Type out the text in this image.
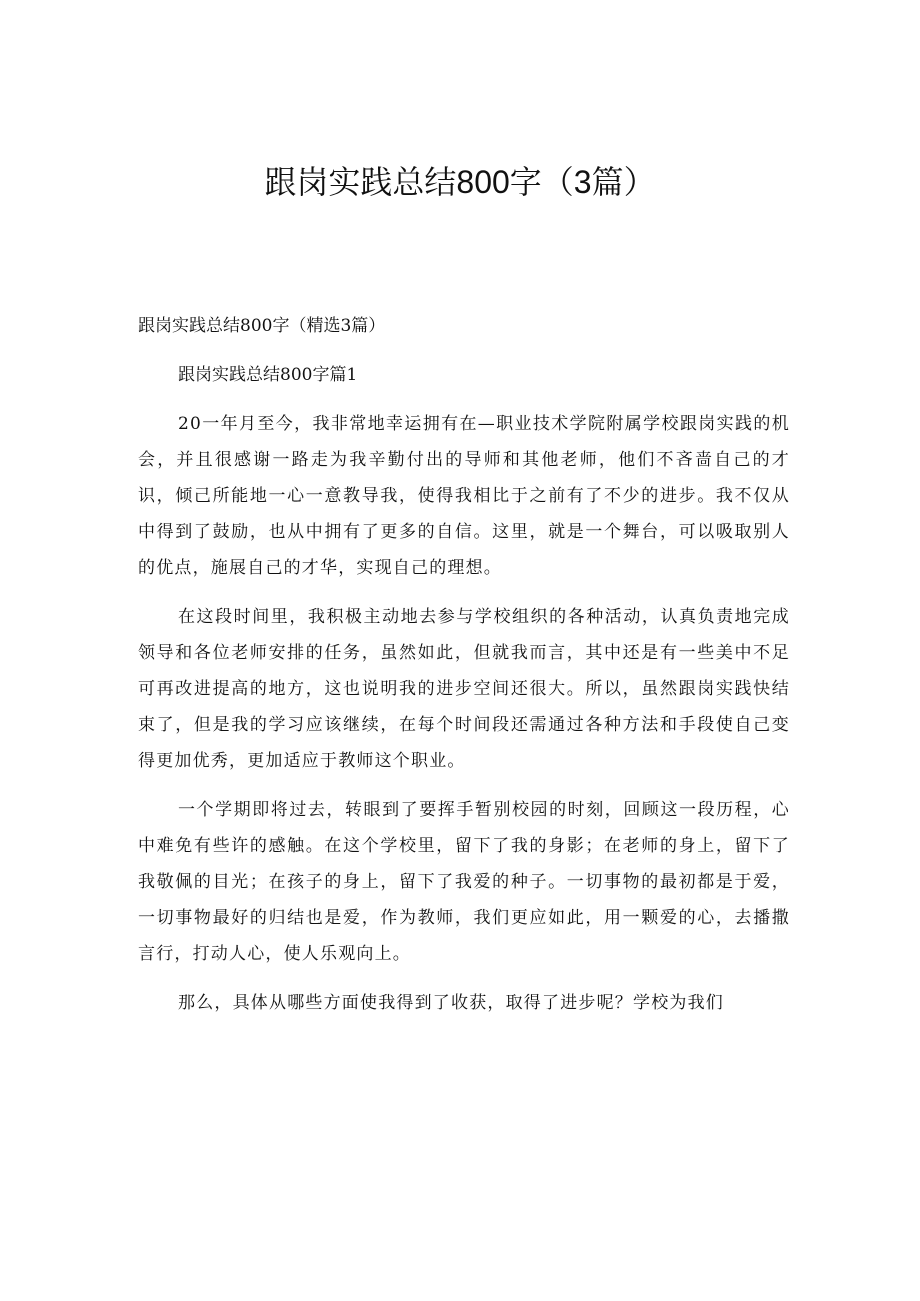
跟岗实践总结800字（3篇）
跟岗实践总结800字（精选3篇）
跟岗实践总结800字篇1

20一年月至今，我非常地幸运拥有在—职业技术学院附属学校跟岗实践的机会，并且很感谢一路走为我辛勤付出的导师和其他老师，他们不吝啬自己的才识，倾己所能地一心一意教导我，使得我相比于之前有了不少的进步。我不仅从中得到了鼓励，也从中拥有了更多的自信。这里，就是一个舞台，可以吸取别人的优点，施展自己的才华，实现自己的理想。

在这段时间里，我积极主动地去参与学校组织的各种活动，认真负责地完成领导和各位老师安排的任务，虽然如此，但就我而言，其中还是有一些美中不足可再改进提高的地方，这也说明我的进步空间还很大。所以，虽然跟岗实践快结束了，但是我的学习应该继续，在每个时间段还需通过各种方法和手段使自己变得更加优秀，更加适应于教师这个职业。

一个学期即将过去，转眼到了要挥手暂别校园的时刻，回顾这一段历程，心中难免有些许的感触。在这个学校里，留下了我的身影；在老师的身上，留下了我敬佩的目光；在孩子的身上，留下了我爱的种子。一切事物的最初都是于爱，一切事物最好的归结也是爱，作为教师，我们更应如此，用一颗爱的心，去播撒言行，打动人心，使人乐观向上。

那么，具体从哪些方面使我得到了收获，取得了进步呢？学校为我们
